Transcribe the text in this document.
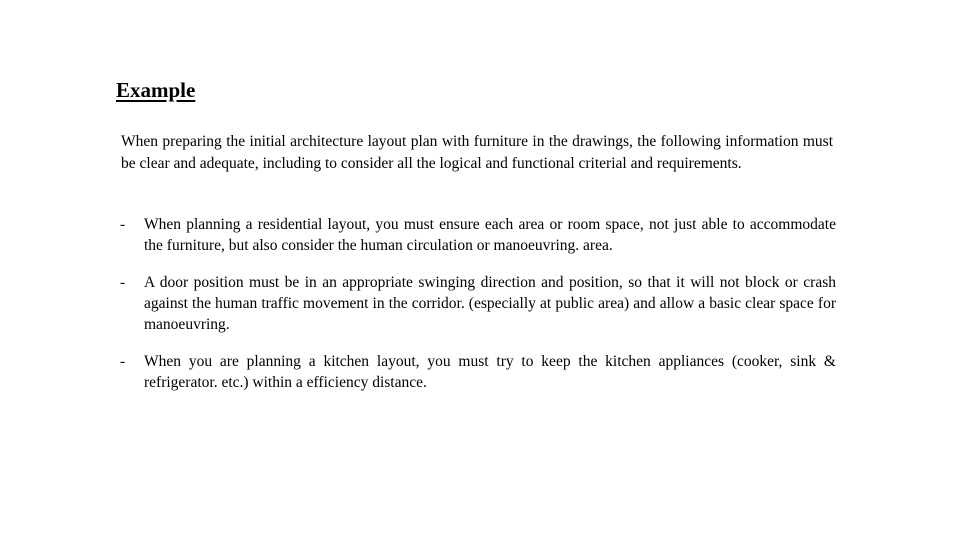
Example

When preparing the initial architecture layout plan with furniture in the drawings, the following information must be clear and adequate, including to consider all the logical and functional criterial and requirements.

- When planning a residential layout, you must ensure each area or room space, not just able to accommodate the furniture, but also consider the human circulation or manoeuvring. area.
- A door position must be in an appropriate swinging direction and position, so that it will not block or crash against the human traffic movement in the corridor. (especially at public area) and allow a basic clear space for manoeuvring.
- When you are planning a kitchen layout, you must try to keep the kitchen appliances (cooker, sink & refrigerator. etc.) within a efficiency distance.
